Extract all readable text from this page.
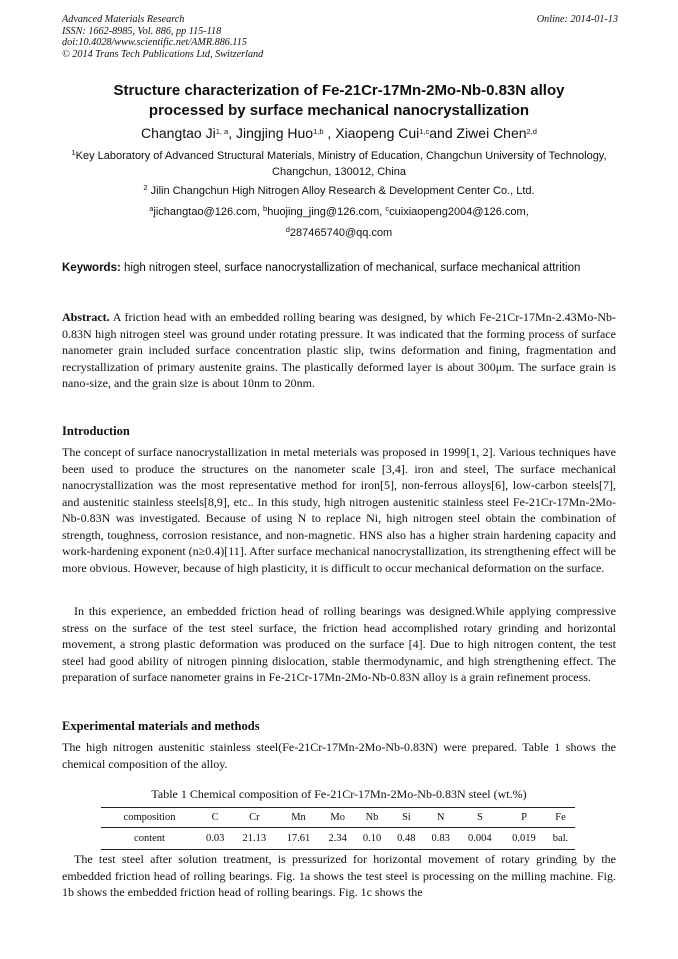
Advanced Materials Research
ISSN: 1662-8985, Vol. 886, pp 115-118
doi:10.4028/www.scientific.net/AMR.886.115
© 2014 Trans Tech Publications Ltd, Switzerland
Online: 2014-01-13
Structure characterization of Fe-21Cr-17Mn-2Mo-Nb-0.83N alloy
processed by surface mechanical nanocrystallization
Changtao Ji$^{1, a}$, Jingjing Huo$^{1,b}$ , Xiaopeng Cui$^{1,c}$and Ziwei Chen$^{2,d}$
$^1$Key Laboratory of Advanced Structural Materials, Ministry of Education, Changchun University of Technology, Changchun, 130012, China
$^2$ Jilin Changchun High Nitrogen Alloy Research & Development Center Co., Ltd.
$^a$jichangtao@126.com, $^b$huojing_jing@126.com, $^c$cuixiaopeng2004@126.com,
$^d$287465740@qq.com
Keywords: high nitrogen steel, surface nanocrystallization of mechanical, surface mechanical attrition
Abstract. A friction head with an embedded rolling bearing was designed, by which Fe-21Cr-17Mn-2.43Mo-Nb-0.83N high nitrogen steel was ground under rotating pressure. It was indicated that the forming process of surface nanometer grain included surface concentration plastic slip, twins deformation and fining, fragmentation and recrystallization of primary austenite grains. The plastically deformed layer is about 300μm. The surface grain is nano-size, and the grain size is about 10nm to 20nm.
Introduction
The concept of surface nanocrystallization in metal meterials was proposed in 1999[1, 2]. Various techniques have been used to produce the structures on the nanometer scale [3,4]. iron and steel, The surface mechanical nanocrystallization was the most representative method for iron[5], non-ferrous alloys[6], low-carbon steels[7], and austenitic stainless steels[8,9], etc.. In this study, high nitrogen austenitic stainless steel Fe-21Cr-17Mn-2Mo-Nb-0.83N was investigated. Because of using N to replace Ni, high nitrogen steel obtain the combination of strength, toughness, corrosion resistance, and non-magnetic. HNS also has a higher strain hardening capacity and work-hardening exponent (n≥0.4)[11]. After surface mechanical nanocrystallization, its strengthening effect will be more obvious. However, because of high plasticity, it is difficult to occur mechanical deformation on the surface.
In this experience, an embedded friction head of rolling bearings was designed.While applying compressive stress on the surface of the test steel surface, the friction head accomplished rotary grinding and horizontal movement, a strong plastic deformation was produced on the surface [4]. Due to high nitrogen content, the test steel had good ability of nitrogen pinning dislocation, stable thermodynamic, and high strengthening effect. The preparation of surface nanometer grains in Fe-21Cr-17Mn-2Mo-Nb-0.83N alloy is a grain refinement process.
Experimental materials and methods
The high nitrogen austenitic stainless steel(Fe-21Cr-17Mn-2Mo-Nb-0.83N) were prepared. Table 1 shows the chemical composition of the alloy.
Table 1 Chemical composition of Fe-21Cr-17Mn-2Mo-Nb-0.83N steel (wt.%)
composition	C	Cr	Mn	Mo	Nb	Si	N	S	P	Fe
content	0.03	21.13	17.61	2.34	0.10	0.48	0.83	0.004	0.019	bal.
The test steel after solution treatment, is pressurized for horizontal movement of rotary grinding by the embedded friction head of rolling bearings. Fig. 1a shows the test steel is processing on the milling machine. Fig. 1b shows the embedded friction head of rolling bearings. Fig. 1c shows the
